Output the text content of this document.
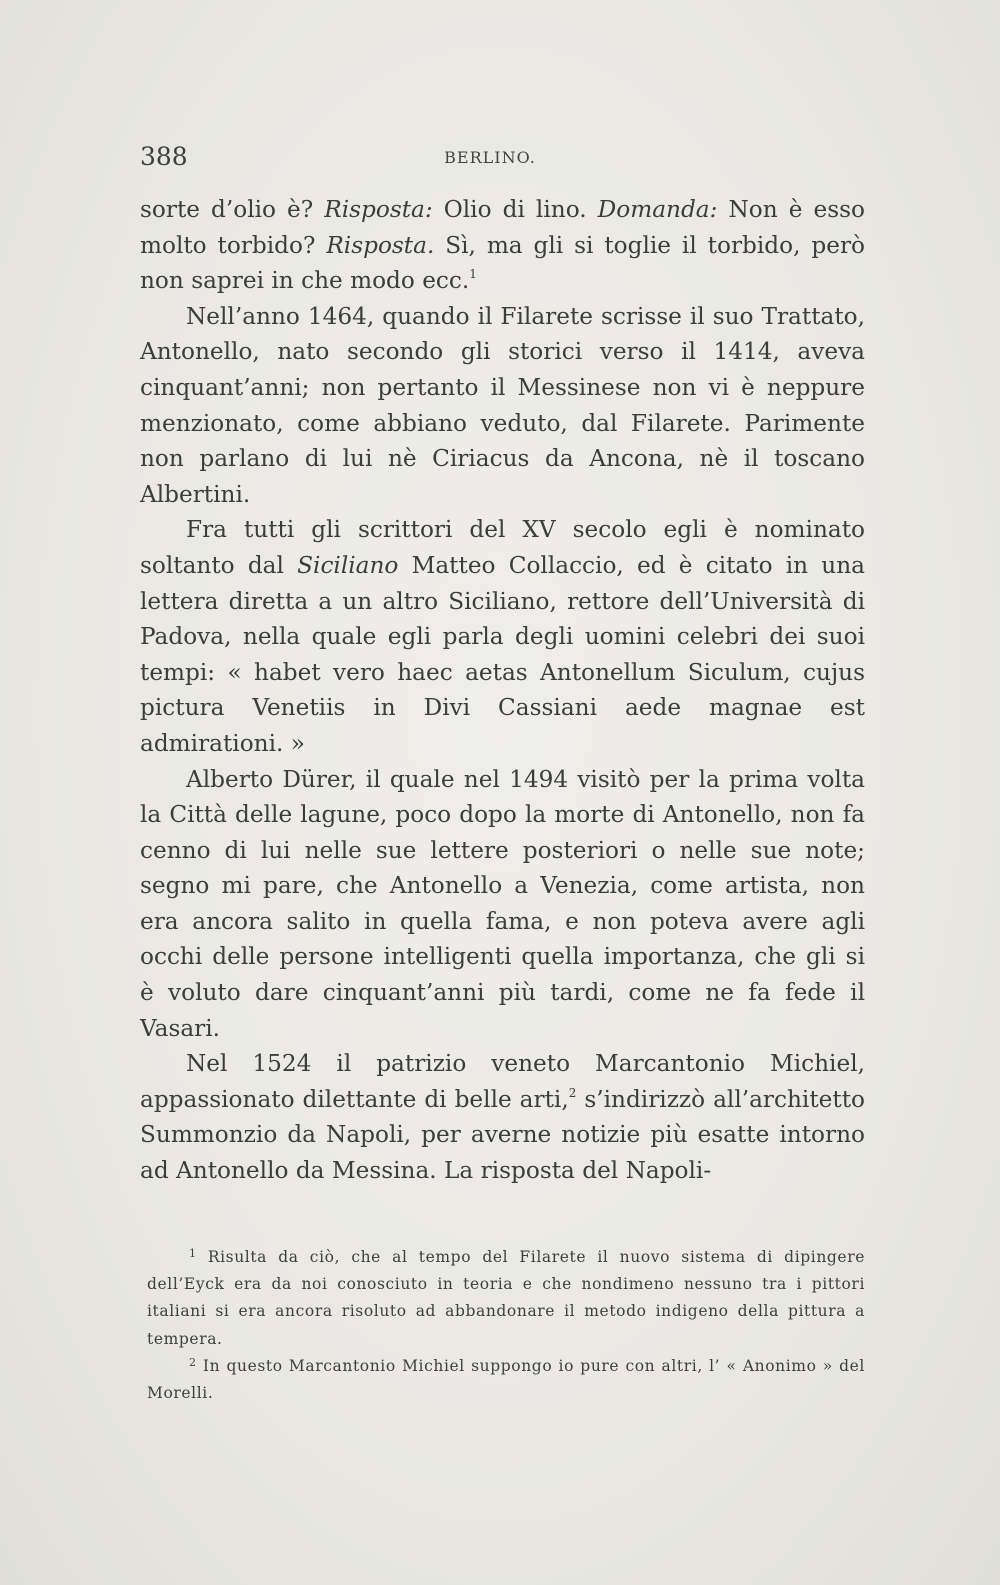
388	BERLINO.

sorte d’olio è? Risposta: Olio di lino. Domanda: Non è esso molto torbido? Risposta. Sì, ma gli si toglie il torbido, però non saprei in che modo ecc.$^1$

Nell’anno 1464, quando il Filarete scrisse il suo Trattato, Antonello, nato secondo gli storici verso il 1414, aveva cinquant’anni; non pertanto il Messinese non vi è neppure menzionato, come abbiano veduto, dal Filarete. Parimente non parlano di lui nè Ciriacus da Ancona, nè il toscano Albertini.

Fra tutti gli scrittori del XV secolo egli è nominato soltanto dal Siciliano Matteo Collaccio, ed è citato in una lettera diretta a un altro Siciliano, rettore dell’Università di Padova, nella quale egli parla degli uomini celebri dei suoi tempi: « habet vero haec aetas Antonellum Siculum, cujus pictura Venetiis in Divi Cassiani aede magnae est admirationi. »

Alberto Dürer, il quale nel 1494 visitò per la prima volta la Città delle lagune, poco dopo la morte di Antonello, non fa cenno di lui nelle sue lettere posteriori o nelle sue note; segno mi pare, che Antonello a Venezia, come artista, non era ancora salito in quella fama, e non poteva avere agli occhi delle persone intelligenti quella importanza, che gli si è voluto dare cinquant’anni più tardi, come ne fa fede il Vasari.

Nel 1524 il patrizio veneto Marcantonio Michiel, appassionato dilettante di belle arti,$^2$ s’indirizzò all’architetto Summonzio da Napoli, per averne notizie più esatte intorno ad Antonello da Messina. La risposta del Napoli-

$^1$ Risulta da ciò, che al tempo del Filarete il nuovo sistema di dipingere dell’Eyck era da noi conosciuto in teoria e che nondimeno nessuno tra i pittori italiani si era ancora risoluto ad abbandonare il metodo indigeno della pittura a tempera.

$^2$ In questo Marcantonio Michiel suppongo io pure con altri, l’ « Anonimo » del Morelli.
